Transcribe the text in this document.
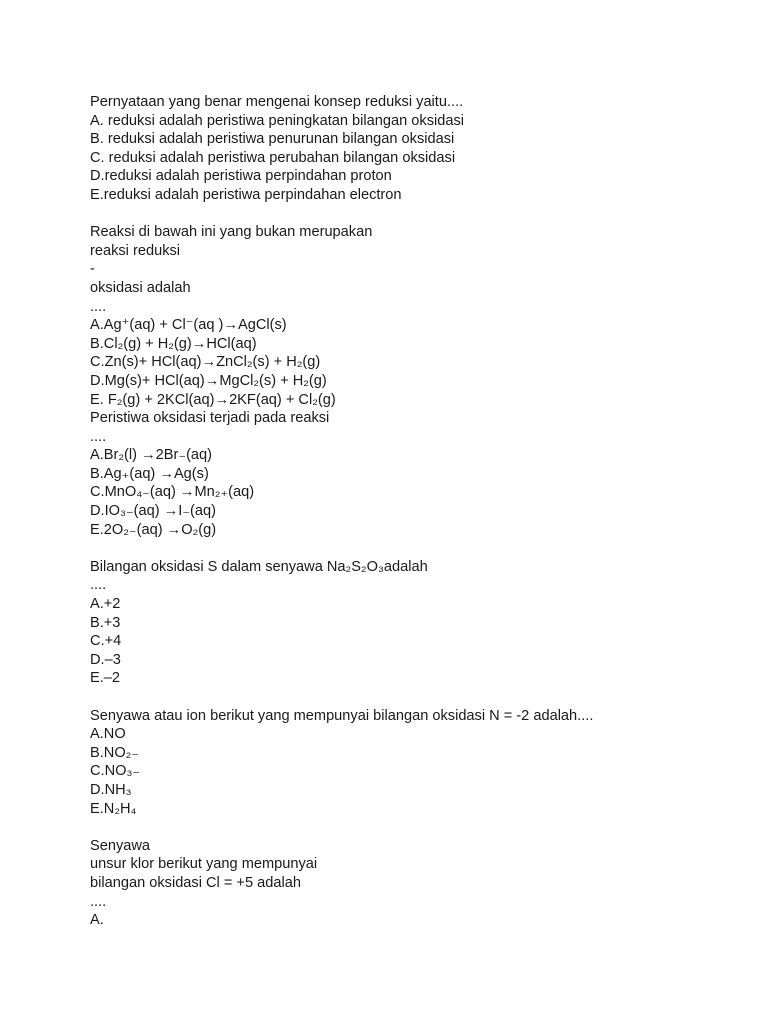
Pernyataan yang benar mengenai konsep reduksi yaitu....
A. reduksi adalah peristiwa peningkatan bilangan oksidasi
B. reduksi adalah peristiwa penurunan bilangan oksidasi
C. reduksi adalah peristiwa perubahan bilangan oksidasi
D.reduksi adalah peristiwa perpindahan proton
E.reduksi adalah peristiwa perpindahan electron
Reaksi di bawah ini yang bukan merupakan
reaksi reduksi
-
oksidasi adalah
....
A.Ag⁺(aq) + Cl⁻(aq )→AgCl(s)
B.Cl₂(g) + H₂(g)→HCl(aq)
C.Zn(s)+ HCl(aq)→ZnCl₂(s) + H₂(g)
D.Mg(s)+ HCl(aq)→MgCl₂(s) + H₂(g)
E. F₂(g) + 2KCl(aq)→2KF(aq) + Cl₂(g)
Peristiwa oksidasi terjadi pada reaksi
....
A.Br₂(l) →2Br₋(aq)
B.Ag₊(aq) →Ag(s)
C.MnO₄₋(aq) →Mn₂₊(aq)
D.IO₃₋(aq) →I₋(aq)
E.2O₂₋(aq) →O₂(g)
Bilangan oksidasi S dalam senyawa Na₂S₂O₃adalah
....
A.+2
B.+3
C.+4
D.–3
E.–2
Senyawa atau ion berikut yang mempunyai bilangan oksidasi N = -2 adalah....
A.NO
B.NO₂₋
C.NO₃₋
D.NH₃
E.N₂H₄
Senyawa
unsur klor berikut yang mempunyai
bilangan oksidasi Cl = +5 adalah
....
A.
